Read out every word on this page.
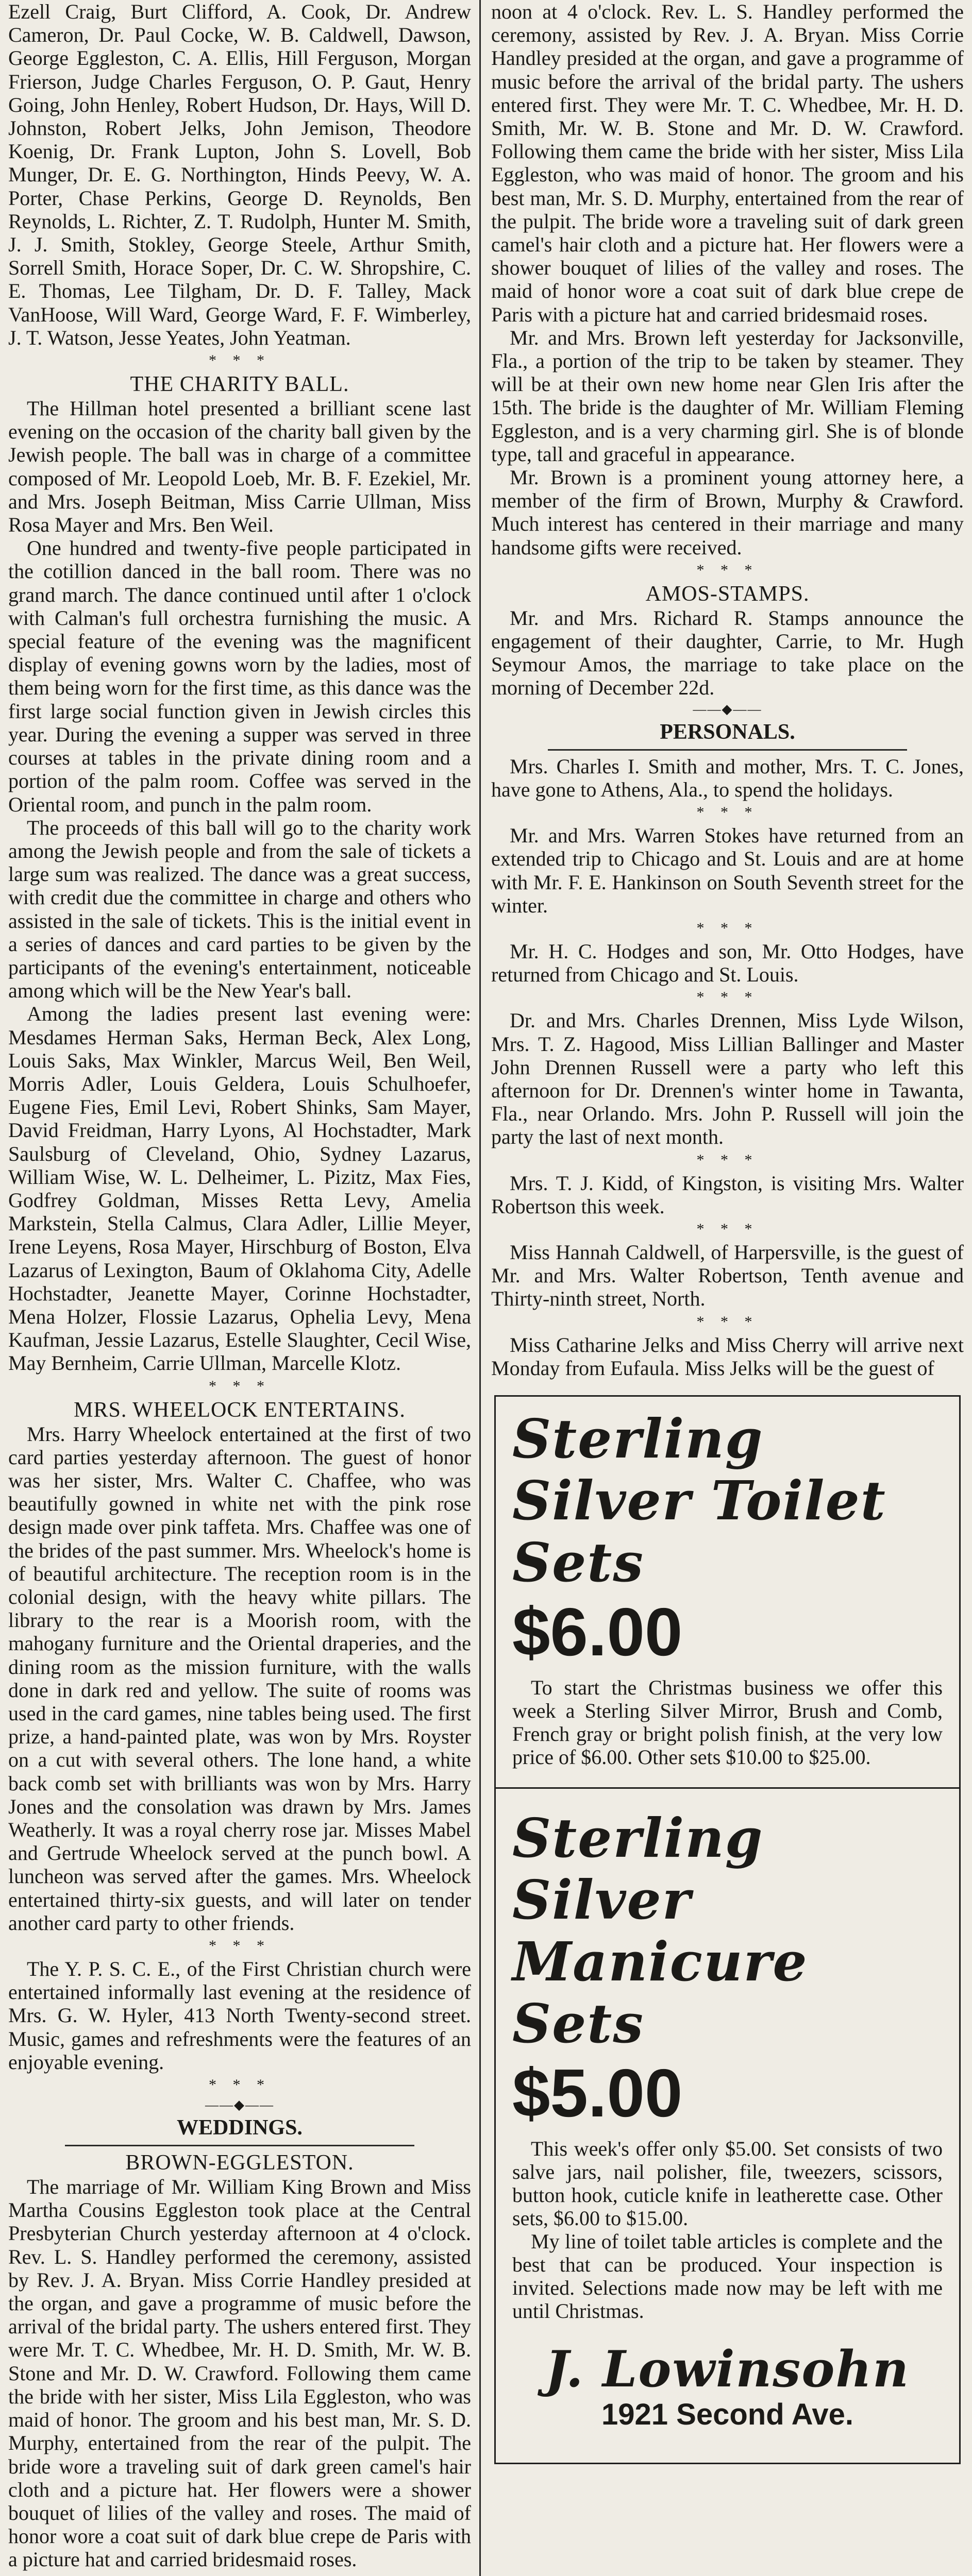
Ezell Craig, Burt Clifford, A. Cook, Dr. Andrew Cameron, Dr. Paul Cocke, W. B. Caldwell, Dawson, George Eggleston, C. A. Ellis, Hill Ferguson, Morgan Frierson, Judge Charles Ferguson, O. P. Gaut, Henry Going, John Henley, Robert Hudson, Dr. Hays, Will D. Johnston, Robert Jelks, John Jemison, Theodore Koenig, Dr. Frank Lupton, John S. Lovell, Bob Munger, Dr. E. G. Northington, Hinds Peevy, W. A. Porter, Chase Perkins, George D. Reynolds, Ben Reynolds, L. Richter, Z. T. Rudolph, Hunter M. Smith, J. J. Smith, Stokley, George Steele, Arthur Smith, Sorrell Smith, Horace Soper, Dr. C. W. Shropshire, C. E. Thomas, Lee Tilgham, Dr. D. F. Talley, Mack VanHoose, Will Ward, George Ward, F. F. Wimberley, J. T. Watson, Jesse Yeates, John Yeatman.

* * *

THE CHARITY BALL.

The Hillman hotel presented a brilliant scene last evening on the occasion of the charity ball given by the Jewish people. The ball was in charge of a committee composed of Mr. Leopold Loeb, Mr. B. F. Ezekiel, Mr. and Mrs. Joseph Beitman, Miss Carrie Ullman, Miss Rosa Mayer and Mrs. Ben Weil.

One hundred and twenty-five people participated in the cotillion danced in the ball room. There was no grand march. The dance continued until after 1 o'clock with Calman's full orchestra furnishing the music. A special feature of the evening was the magnificent display of evening gowns worn by the ladies, most of them being worn for the first time, as this dance was the first large social function given in Jewish circles this year. During the evening a supper was served in three courses at tables in the private dining room and a portion of the palm room. Coffee was served in the Oriental room, and punch in the palm room.

The proceeds of this ball will go to the charity work among the Jewish people and from the sale of tickets a large sum was realized. The dance was a great success, with credit due the committee in charge and others who assisted in the sale of tickets. This is the initial event in a series of dances and card parties to be given by the participants of the evening's entertainment, noticeable among which will be the New Year's ball.

Among the ladies present last evening were: Mesdames Herman Saks, Herman Beck, Alex Long, Louis Saks, Max Winkler, Marcus Weil, Ben Weil, Morris Adler, Louis Geldera, Louis Schulhoefer, Eugene Fies, Emil Levi, Robert Shinks, Sam Mayer, David Freidman, Harry Lyons, Al Hochstadter, Mark Saulsburg of Cleveland, Ohio, Sydney Lazarus, William Wise, W. L. Delheimer, L. Pizitz, Max Fies, Godfrey Goldman, Misses Retta Levy, Amelia Markstein, Stella Calmus, Clara Adler, Lillie Meyer, Irene Leyens, Rosa Mayer, Hirschburg of Boston, Elva Lazarus of Lexington, Baum of Oklahoma City, Adelle Hochstadter, Jeanette Mayer, Corinne Hochstadter, Mena Holzer, Flossie Lazarus, Ophelia Levy, Mena Kaufman, Jessie Lazarus, Estelle Slaughter, Cecil Wise, May Bernheim, Carrie Ullman, Marcelle Klotz.

* * *

MRS. WHEELOCK ENTERTAINS.

Mrs. Harry Wheelock entertained at the first of two card parties yesterday afternoon. The guest of honor was her sister, Mrs. Walter C. Chaffee, who was beautifully gowned in white net with the pink rose design made over pink taffeta. Mrs. Chaffee was one of the brides of the past summer. Mrs. Wheelock's home is of beautiful architecture. The reception room is in the colonial design, with the heavy white pillars. The library to the rear is a Moorish room, with the mahogany furniture and the Oriental draperies, and the dining room as the mission furniture, with the walls done in dark red and yellow. The suite of rooms was used in the card games, nine tables being used. The first prize, a hand-painted plate, was won by Mrs. Royster on a cut with several others. The lone hand, a white back comb set with brilliants was won by Mrs. Harry Jones and the consolation was drawn by Mrs. James Weatherly. It was a royal cherry rose jar. Misses Mabel and Gertrude Wheelock served at the punch bowl. A luncheon was served after the games. Mrs. Wheelock entertained thirty-six guests, and will later on tender another card party to other friends.

* * *

The Y. P. S. C. E., of the First Christian church were entertained informally last evening at the residence of Mrs. G. W. Hyler, 413 North Twenty-second street. Music, games and refreshments were the features of an enjoyable evening.

* * *
——◆——

WEDDINGS.

BROWN-EGGLESTON.

The marriage of Mr. William King Brown and Miss Martha Cousins Eggleston took place at the Central Presbyterian Church yesterday afternoon at 4 o'clock. Rev. L. S. Handley performed the ceremony, assisted by Rev. J. A. Bryan. Miss Corrie Handley presided at the organ, and gave a programme of music before the arrival of the bridal party. The ushers entered first. They were Mr. T. C. Whedbee, Mr. H. D. Smith, Mr. W. B. Stone and Mr. D. W. Crawford. Following them came the bride with her sister, Miss Lila Eggleston, who was maid of honor. The groom and his best man, Mr. S. D. Murphy, entertained from the rear of the pulpit. The bride wore a traveling suit of dark green camel's hair cloth and a picture hat. Her flowers were a shower bouquet of lilies of the valley and roses. The maid of honor wore a coat suit of dark blue crepe de Paris with a picture hat and carried bridesmaid roses.

noon at 4 o'clock. Rev. L. S. Handley performed the ceremony, assisted by Rev. J. A. Bryan. Miss Corrie Handley presided at the organ, and gave a programme of music before the arrival of the bridal party. The ushers entered first. They were Mr. T. C. Whedbee, Mr. H. D. Smith, Mr. W. B. Stone and Mr. D. W. Crawford. Following them came the bride with her sister, Miss Lila Eggleston, who was maid of honor. The groom and his best man, Mr. S. D. Murphy, entertained from the rear of the pulpit. The bride wore a traveling suit of dark green camel's hair cloth and a picture hat. Her flowers were a shower bouquet of lilies of the valley and roses. The maid of honor wore a coat suit of dark blue crepe de Paris with a picture hat and carried bridesmaid roses.

Mr. and Mrs. Brown left yesterday for Jacksonville, Fla., a portion of the trip to be taken by steamer. They will be at their own new home near Glen Iris after the 15th. The bride is the daughter of Mr. William Fleming Eggleston, and is a very charming girl. She is of blonde type, tall and graceful in appearance.

Mr. Brown is a prominent young attorney here, a member of the firm of Brown, Murphy & Crawford. Much interest has centered in their marriage and many handsome gifts were received.

* * *

AMOS-STAMPS.

Mr. and Mrs. Richard R. Stamps announce the engagement of their daughter, Carrie, to Mr. Hugh Seymour Amos, the marriage to take place on the morning of December 22d.

——◆——

PERSONALS.

Mrs. Charles I. Smith and mother, Mrs. T. C. Jones, have gone to Athens, Ala., to spend the holidays.

* * *

Mr. and Mrs. Warren Stokes have returned from an extended trip to Chicago and St. Louis and are at home with Mr. F. E. Hankinson on South Seventh street for the winter.

* * *

Mr. H. C. Hodges and son, Mr. Otto Hodges, have returned from Chicago and St. Louis.

* * *

Dr. and Mrs. Charles Drennen, Miss Lyde Wilson, Mrs. T. Z. Hagood, Miss Lillian Ballinger and Master John Drennen Russell were a party who left this afternoon for Dr. Drennen's winter home in Tawanta, Fla., near Orlando. Mrs. John P. Russell will join the party the last of next month.

* * *

Mrs. T. J. Kidd, of Kingston, is visiting Mrs. Walter Robertson this week.

* * *

Miss Hannah Caldwell, of Harpersville, is the guest of Mr. and Mrs. Walter Robertson, Tenth avenue and Thirty-ninth street, North.

* * *

Miss Catharine Jelks and Miss Cherry will arrive next Monday from Eufaula. Miss Jelks will be the guest of

Sterling Silver Toilet Sets

$6.00

To start the Christmas business we offer this week a Sterling Silver Mirror, Brush and Comb, French gray or bright polish finish, at the very low price of $6.00. Other sets $10.00 to $25.00.

Sterling Silver Manicure Sets

$5.00

This week's offer only $5.00. Set consists of two salve jars, nail polisher, file, tweezers, scissors, button hook, cuticle knife in leatherette case. Other sets, $6.00 to $15.00.

My line of toilet table articles is complete and the best that can be produced. Your inspection is invited. Selections made now may be left with me until Christmas.

J. Lowinsohn

1921 Second Ave.
